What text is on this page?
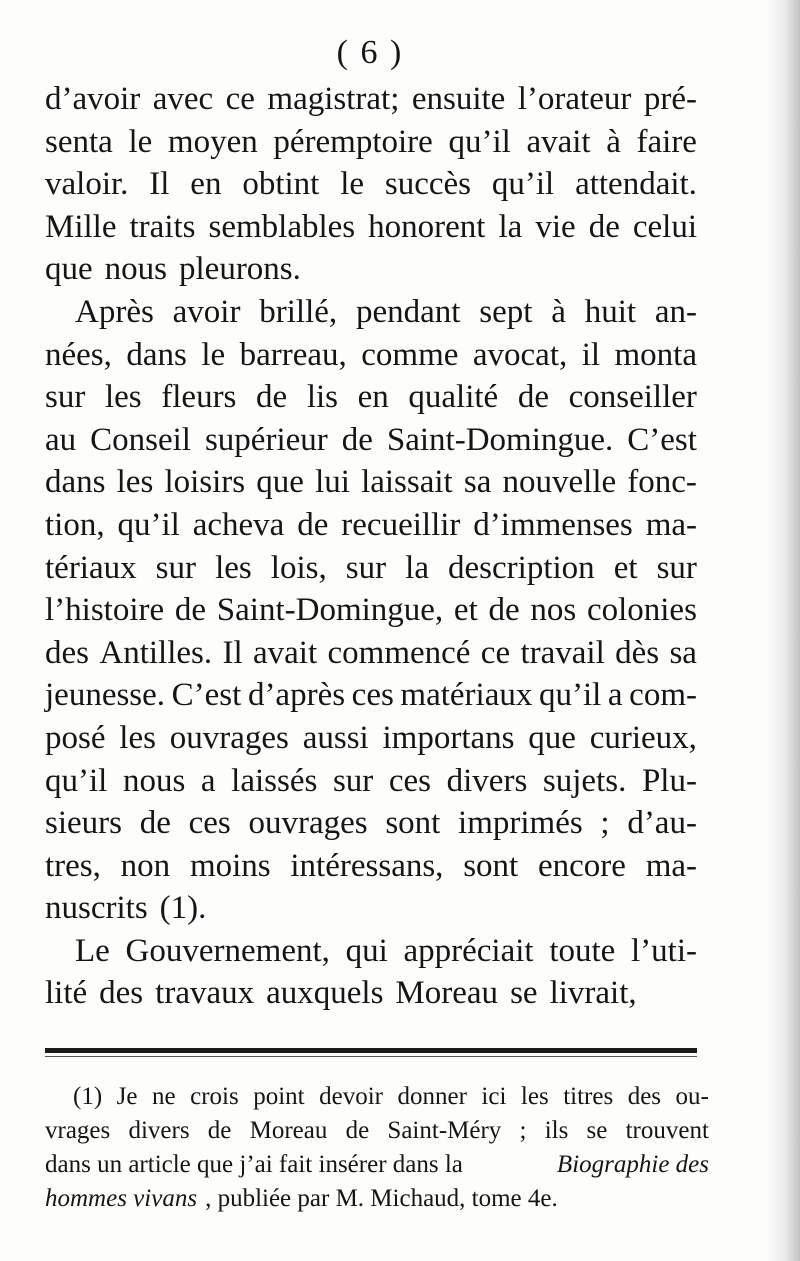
( 6 )
d’avoir avec ce magistrat; ensuite l’orateur pré-
senta le moyen péremptoire qu’il avait à faire
valoir. Il en obtint le succès qu’il attendait.
Mille traits semblables honorent la vie de celui
que nous pleurons.
Après avoir brillé, pendant sept à huit an-
nées, dans le barreau, comme avocat, il monta
sur les fleurs de lis en qualité de conseiller
au Conseil supérieur de Saint-Domingue. C’est
dans les loisirs que lui laissait sa nouvelle fonc-
tion, qu’il acheva de recueillir d’immenses ma-
tériaux sur les lois, sur la description et sur
l’histoire de Saint-Domingue, et de nos colonies
des Antilles. Il avait commencé ce travail dès sa
jeunesse. C’est d’après ces matériaux qu’il a com-
posé les ouvrages aussi importans que curieux,
qu’il nous a laissés sur ces divers sujets. Plu-
sieurs de ces ouvrages sont imprimés ; d’au-
tres, non moins intéressans, sont encore ma-
nuscrits (1).
Le Gouvernement, qui appréciait toute l’uti-
lité des travaux auxquels Moreau se livrait,
(1) Je ne crois point devoir donner ici les titres des ou-
vrages divers de Moreau de Saint-Méry ; ils se trouvent
dans un article que j’ai fait insérer dans la	Biographie des
hommes vivans , publiée par M. Michaud, tome 4e.
